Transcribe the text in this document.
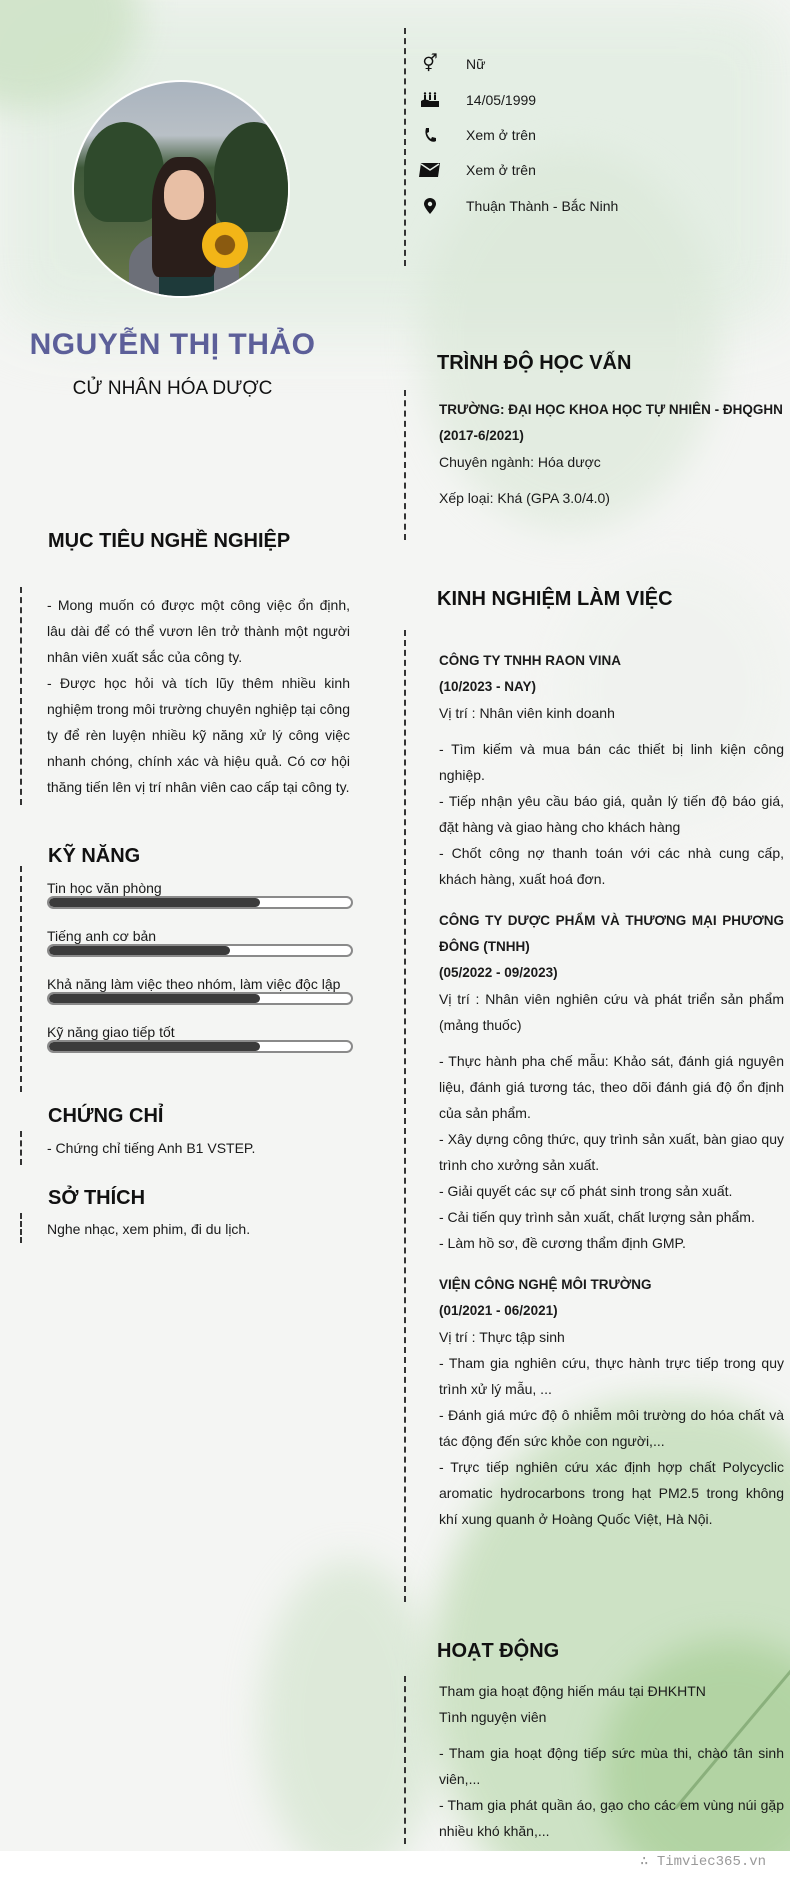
NGUYỄN THỊ THẢO
CỬ NHÂN HÓA DƯỢC
⚥	Nữ
14/05/1999
Xem ở trên
Xem ở trên
Thuận Thành - Bắc Ninh
MỤC TIÊU NGHỀ NGHIỆP

- Mong muốn có được một công việc ổn định, lâu dài để có thể vươn lên trở thành một người nhân viên xuất sắc của công ty.

- Được học hỏi và tích lũy thêm nhiều kinh nghiệm trong môi trường chuyên nghiệp tại công ty để rèn luyện nhiều kỹ năng xử lý công việc nhanh chóng, chính xác và hiệu quả. Có cơ hội thăng tiến lên vị trí nhân viên cao cấp tại công ty.

KỸ NĂNG
Tin học văn phòng
Tiếng anh cơ bản
Khả năng làm việc theo nhóm, làm việc độc lập
Kỹ năng giao tiếp tốt
CHỨNG CHỈ
- Chứng chỉ tiếng Anh B1 VSTEP.
SỞ THÍCH
Nghe nhạc, xem phim, đi du lịch.
TRÌNH ĐỘ HỌC VẤN

TRƯỜNG: ĐẠI HỌC KHOA HỌC TỰ NHIÊN - ĐHQGHN

(2017-6/2021)

Chuyên ngành: Hóa dược

Xếp loại: Khá (GPA 3.0/4.0)

KINH NGHIỆM LÀM VIỆC

CÔNG TY TNHH RAON VINA

(10/2023 - NAY)

Vị trí : Nhân viên kinh doanh

- Tìm kiếm và mua bán các thiết bị linh kiện công nghiệp.

- Tiếp nhận yêu cầu báo giá, quản lý tiến độ báo giá, đặt hàng và giao hàng cho khách hàng

- Chốt công nợ thanh toán với các nhà cung cấp, khách hàng, xuất hoá đơn.

CÔNG TY DƯỢC PHẨM VÀ THƯƠNG MẠI PHƯƠNG ĐÔNG (TNHH)

(05/2022 - 09/2023)

Vị trí : Nhân viên nghiên cứu và phát triển sản phẩm (mảng thuốc)

- Thực hành pha chế mẫu: Khảo sát, đánh giá nguyên liệu, đánh giá tương tác, theo dõi đánh giá độ ổn định của sản phẩm.

- Xây dựng công thức, quy trình sản xuất, bàn giao quy trình cho xưởng sản xuất.

- Giải quyết các sự cố phát sinh trong sản xuất.

- Cải tiến quy trình sản xuất, chất lượng sản phẩm.

- Làm hồ sơ, đề cương thẩm định GMP.

VIỆN CÔNG NGHỆ MÔI TRƯỜNG

(01/2021 - 06/2021)

Vị trí : Thực tập sinh

- Tham gia nghiên cứu, thực hành trực tiếp trong quy trình xử lý mẫu, ...

- Đánh giá mức độ ô nhiễm môi trường do hóa chất và tác động đến sức khỏe con người,...

- Trực tiếp nghiên cứu xác định hợp chất Polycyclic aromatic hydrocarbons trong hạt PM2.5 trong không khí xung quanh ở Hoàng Quốc Việt, Hà Nội.

HOẠT ĐỘNG

Tham gia hoạt động hiến máu tại ĐHKHTN

Tình nguyện viên

- Tham gia hoạt động tiếp sức mùa thi, chào tân sinh viên,...

- Tham gia phát quần áo, gạo cho các em vùng núi gặp nhiều khó khăn,...

∴ Timviec365.vn
